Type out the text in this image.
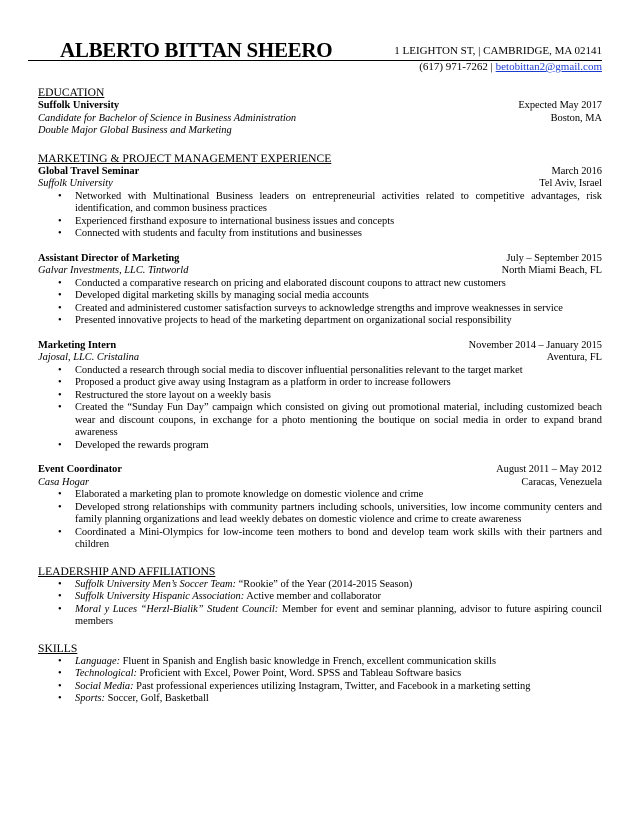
ALBERTO BITTAN SHEERO	1 LEIGHTON ST, | CAMBRIDGE, MA 02141
(617) 971-7262 | betobittan2@gmail.com
EDUCATION
Suffolk University	Expected May 2017
Candidate for Bachelor of Science in Business Administration	Boston, MA
Double Major Global Business and Marketing
MARKETING & PROJECT MANAGEMENT EXPERIENCE
Global Travel Seminar	March 2016
Suffolk University	Tel Aviv, Israel
• Networked with Multinational Business leaders on entrepreneurial activities related to competitive advantages, risk identification, and common business practices
• Experienced firsthand exposure to international business issues and concepts
• Connected with students and faculty from institutions and businesses
Assistant Director of Marketing	July – September 2015
Galvar Investments, LLC. Tintworld	North Miami Beach, FL
• Conducted a comparative research on pricing and elaborated discount coupons to attract new customers
• Developed digital marketing skills by managing social media accounts
• Created and administered customer satisfaction surveys to acknowledge strengths and improve weaknesses in service
• Presented innovative projects to head of the marketing department on organizational social responsibility
Marketing Intern	November 2014 – January 2015
Jajosal, LLC. Cristalina	Aventura, FL
• Conducted a research through social media to discover influential personalities relevant to the target market
• Proposed a product give away using Instagram as a platform in order to increase followers
• Restructured the store layout on a weekly basis
• Created the “Sunday Fun Day” campaign which consisted on giving out promotional material, including customized beach wear and discount coupons, in exchange for a photo mentioning the boutique on social media in order to expand brand awareness
• Developed the rewards program
Event Coordinator	August 2011 – May 2012
Casa Hogar	Caracas, Venezuela
• Elaborated a marketing plan to promote knowledge on domestic violence and crime
• Developed strong relationships with community partners including schools, universities, low income community centers and family planning organizations and lead weekly debates on domestic violence and crime to create awareness
• Coordinated a Mini-Olympics for low-income teen mothers to bond and develop team work skills with their partners and children
LEADERSHIP AND AFFILIATIONS
• Suffolk University Men’s Soccer Team: “Rookie” of the Year (2014-2015 Season)
• Suffolk University Hispanic Association: Active member and collaborator
• Moral y Luces “Herzl-Bialik” Student Council: Member for event and seminar planning, advisor to future aspiring council members
SKILLS
• Language: Fluent in Spanish and English basic knowledge in French, excellent communication skills
• Technological: Proficient with Excel, Power Point, Word. SPSS and Tableau Software basics
• Social Media: Past professional experiences utilizing Instagram, Twitter, and Facebook in a marketing setting
• Sports: Soccer, Golf, Basketball
